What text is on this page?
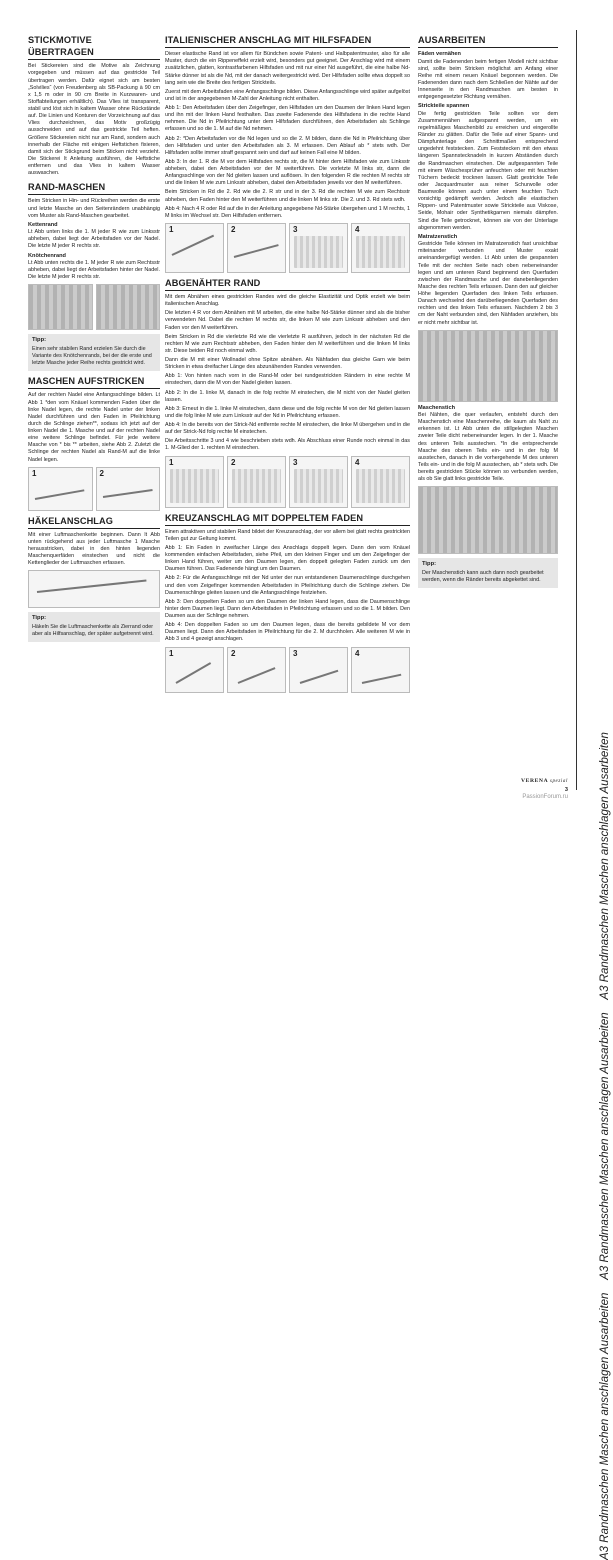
A3 Randmaschen Maschen anschlagen Ausarbeiten    A3 Randmaschen Maschen anschlagen Ausarbeiten    A3 Randmaschen Maschen anschlagen Ausarbeiten
STICKMOTIVE ÜBERTRAGEN

Bei Stickereien sind die Motive als Zeichnung vorgegeben und müssen auf das gestrickte Teil übertragen werden. Dafür eignet sich am besten „Solvilies“ (von Freudenberg als SB-Packung à 90 cm x 1,5 m oder in 90 cm Breite in Kurzwaren- und Stoffabteilungen erhältlich). Das Vlies ist transparent, stabil und löst sich in kaltem Wasser ohne Rückstände auf. Die Linien und Konturen der Vorzeichnung auf das Vlies durchzeichnen, das Motiv großzügig ausschneiden und auf das gestrickte Teil heften. Größere Stickereien nicht nur am Rand, sondern auch innerhalb der Fläche mit einigen Heftstichen fixieren, damit sich der Stickgrund beim Sticken nicht verzieht. Die Stickerei lt Anleitung ausführen, die Heftstiche entfernen und das Vlies in kaltem Wasser auswaschen.

RAND-MASCHEN

Beim Stricken in Hin- und Rückreihen werden die erste und letzte Masche an den Seitenrändern unabhängig vom Muster als Rand-Maschen gearbeitet.

Kettenrand

Lt Abb unten links die 1. M jeder R wie zum Linksstr abheben, dabei liegt der Arbeitsfaden vor der Nadel. Die letzte M jeder R rechts str.

Knötchenrand

Lt Abb unten rechts die 1. M jeder R wie zum Rechtsstr abheben, dabei liegt der Arbeitsfaden hinter der Nadel. Die letzte M jeder R rechts str.

Tipp:
Einen sehr stabilen Rand erzielen Sie durch die Variante des Knötchenrands, bei der die erste und letzte Masche jeder Reihe rechts gestrickt wird.
MASCHEN AUFSTRICKEN

Auf der rechten Nadel eine Anfangsschlinge bilden. Lt Abb 1 *den vom Knäuel kommenden Faden über die linke Nadel legen, die rechte Nadel unter der linken Nadel durchführen und den Faden in Pfeilrichtung durch die Schlinge ziehen**, sodass ich jetzt auf der linken Nadel die 1. Masche und auf der rechten Nadel eine weitere Schlinge befindet. Für jede weitere Masche von * bis ** arbeiten, siehe Abb 2. Zuletzt die Schlinge der rechten Nadel als Rand-M auf die linke Nadel legen.

1	2
HÄKELANSCHLAG

Mit einer Luftmaschenkette beginnen. Dann lt Abb unten rückgehend aus jeder Luftmasche 1 Masche herausstricken, dabei in den hinten liegenden Maschenquerfäden einstechen und nicht die Kettenglieder der Luftmaschen erfassen.

Tipp:
Häkeln Sie die Luftmaschenkette als Zierrand oder aber als Hilfsanschlag, der später aufgetrennt wird.
ITALIENISCHER ANSCHLAG MIT HILFSFADEN

Dieser elastische Rand ist vor allem für Bündchen sowie Patent- und Halbpatentmuster, also für alle Muster, durch die ein Rippeneffekt erzielt wird, besonders gut geeignet. Der Anschlag wird mit einem zusätzlichen, glatten, kontrastfarbenen Hilfsfaden und mit nur einer Nd ausgeführt, die eine halbe Nd-Stärke dünner ist als die Nd, mit der danach weitergestrickt wird. Der Hilfsfaden sollte etwa doppelt so lang sein wie die Breite des fertigen Strickteils.

Zuerst mit dem Arbeitsfaden eine Anfangsschlinge bilden. Diese Anfangsschlinge wird später aufgelöst und ist in der angegebenen M-Zahl der Anleitung nicht enthalten.

Abb 1: Den Arbeitsfaden über den Zeigefinger, den Hilfsfaden um den Daumen der linken Hand legen und ihn mit der linken Hand festhalten. Das zweite Fadenende des Hilfsfadens in die rechte Hand nehmen. Die Nd in Pfeilrichtung unter dem Hilfsfaden durchführen, den Arbeitsfaden als Schlinge erfassen und so die 1. M auf die Nd nehmen.

Abb 2: *Den Arbeitsfaden vor die Nd legen und so die 2. M bilden, dann die Nd in Pfeilrichtung über den Hilfsfaden und unter den Arbeitsfaden als 3. M erfassen. Den Ablauf ab * stets wdh. Der Hilfsfaden sollte immer straff gespannt sein und darf auf keinen Fall eine M bilden.

Abb 3: In der 1. R die M vor dem Hilfsfaden rechts str, die M hinter dem Hilfsfaden wie zum Linksstr abheben, dabei den Arbeitsfaden vor der M weiterführen. Die vorletzte M links str, dann die Anfangsschlinge von der Nd gleiten lassen und auflösen. In den folgenden R die rechten M rechts str und die linken M wie zum Linksstr abheben, dabei den Arbeitsfaden jeweils vor den M weiterführen.

Beim Stricken in Rd die 2. Rd wie die 2. R str und in der 3. Rd die rechten M wie zum Rechtsstr abheben, den Faden hinter den M weiterführen und die linken M links str. Die 2. und 3. Rd stets wdh.

Abb 4: Nach 4 R oder Rd auf die in der Anleitung angegebene Nd-Stärke übergehen und 1 M rechts, 1 M links im Wechsel str. Den Hilfsfaden entfernen.

1	2	3	4
ABGENÄHTER RAND

Mit dem Abnähen eines gestrickten Randes wird die gleiche Elastizität und Optik erzielt wie beim italienischen Anschlag.

Die letzten 4 R vor dem Abnähen mit M arbeiten, die eine halbe Nd-Stärke dünner sind als die bisher verwendeten Nd. Dabei die rechten M rechts str, die linken M wie zum Linksstr abheben und den Faden vor den M weiterführen.

Beim Stricken in Rd die vierletzte Rd wie die vierletzte R ausführen, jedoch in der nächsten Rd die rechten M wie zum Rechtsstr abheben, den Faden hinter den M weiterführen und die linken M links str. Diese beiden Rd noch einmal wdh.

Dann die M mit einer Wollnadel ohne Spitze abnähen. Als Nähfaden das gleiche Garn wie beim Stricken in etwa dreifacher Länge des abzunähenden Randes verwenden.

Abb 1: Von hinten nach vorn in die Rand-M oder bei rundgestrickten Rändern in eine rechte M einstechen, dann die M von der Nadel gleiten lassen.

Abb 2: In die 1. linke M, danach in die folg rechte M einstechen, die M nicht von der Nadel gleiten lassen.

Abb 3: Erneut in die 1. linke M einstechen, dann diese und die folg rechte M von der Nd gleiten lassen und die folg linke M wie zum Linksstr auf der Nd in Pfeilrichtung erfassen.

Abb 4: In die bereits von der Strick-Nd entfernte rechte M einstechen, die linke M übergehen und in die auf der Strick-Nd folg rechte M einstechen.

Die Arbeitsschritte 3 und 4 wie beschrieben stets wdh. Als Abschluss einer Runde noch einmal in das 1. M-Glied der 1. rechten M einstechen.

1	2	3	4
KREUZANSCHLAG MIT DOPPELTEM FADEN

Einen attraktiven und stabilen Rand bildet der Kreuzanschlag, der vor allem bei glatt rechts gestrickten Teilen gut zur Geltung kommt.

Abb 1: Ein Faden in zweifacher Länge des Anschlags doppelt legen. Dann den vom Knäuel kommenden einfachen Arbeitsfaden, siehe Pfeil, um den kleinen Finger und um den Zeigefinger der linken Hand führen, weiter um den Daumen legen, den doppelt gelegten Faden zurück um den Daumen führen. Das Fadenende hängt um den Daumen.

Abb 2: Für die Anfangsschlinge mit der Nd unter der nun entstandenen Daumenschlinge durchgehen und den vom Zeigefinger kommenden Arbeitsfaden in Pfeilrichtung durch die Schlinge ziehen. Die Daumenschlinge gleiten lassen und die Anfangsschlinge festziehen.

Abb 3: Den doppelten Faden so um den Daumen der linken Hand legen, dass die Daumenschlinge hinter dem Daumen liegt. Dann den Arbeitsfaden in Pfeilrichtung erfassen und so die 1. M bilden. Den Daumen aus der Schlinge nehmen.

Abb 4: Den doppelten Faden so um den Daumen legen, dass die bereits gebildete M vor dem Daumen liegt. Dann den Arbeitsfaden in Pfeilrichtung für die 2. M durchholen. Alle weiteren M wie in Abb 3 und 4 gezeigt anschlagen.

1	2	3	4
AUSARBEITEN
Fäden vernähen

Damit die Fadenenden beim fertigen Modell nicht sichtbar sind, sollte beim Stricken möglichst am Anfang einer Reihe mit einem neuen Knäuel begonnen werden. Die Fadenenden dann nach dem Schließen der Nähte auf der Innenseite in den Randmaschen am besten in entgegengesetzter Richtung vernähen.

Strickteile spannen

Die fertig gestrickten Teile sollten vor dem Zusammennähen aufgespannt werden, um ein regelmäßiges Maschenbild zu erreichen und eingerollte Ränder zu glätten. Dafür die Teile auf einer Spann- und Dämpfunterlage den Schnittmaßen entsprechend ungedehnt feststecken. Zum Feststecken mit den etwas längeren Spannstecknadeln in kurzen Abständen durch die Randmaschen einstechen. Die aufgespannten Teile mit einem Wäschesprüher anfeuchten oder mit feuchten Tüchern bedeckt trocknen lassen. Glatt gestrickte Teile oder Jacquardmuster aus reiner Schurwolle oder Baumwolle können auch unter einem feuchten Tuch vorsichtig gedämpft werden. Jedoch alle elastischen Rippen- und Patentmuster sowie Strickteile aus Viskose, Seide, Mohair oder Synthetikgarnen niemals dämpfen. Sind die Teile getrocknet, können sie von der Unterlage abgenommen werden.

Matratzenstich

Gestrickte Teile können im Matratzenstich fast unsichtbar miteinander verbunden und Muster exakt aneinandergefügt werden. Lt Abb unten die gespannten Teile mit der rechten Seite nach oben nebeneinander legen und am unteren Rand beginnend den Querfaden zwischen der Randmasche und der danebenliegenden Masche des rechten Teils erfassen. Dann den auf gleicher Höhe liegenden Querfaden des linken Teils erfassen. Danach wechselnd den darüberliegenden Querfaden des rechten und des linken Teils erfassen. Nachdem 2 bis 3 cm der Naht verbunden sind, den Nähfaden anziehen, bis er nicht mehr sichtbar ist.

Maschenstich

Bei Nähten, die quer verlaufen, entsteht durch den Maschenstich eine Maschenreihe, die kaum als Naht zu erkennen ist. Lt Abb unten die stillgelegten Maschen zweier Teile dicht nebeneinander legen. In der 1. Masche des unteren Teils ausstechen. *In die entsprechende Masche des oberen Teils ein- und in der folg M ausstechen, danach in die vorhergehende M des unteren Teils ein- und in die folg M ausstechen, ab * stets wdh. Die bereits gestrickten Stücke können so verbunden werden, als ob Sie glatt links gestrickte Teile.

Tipp:
Der Maschenstich kann auch dann noch gearbeitet werden, wenn die Ränder bereits abgekettet sind.
VERENA spezial
3
PassionForum.ru
